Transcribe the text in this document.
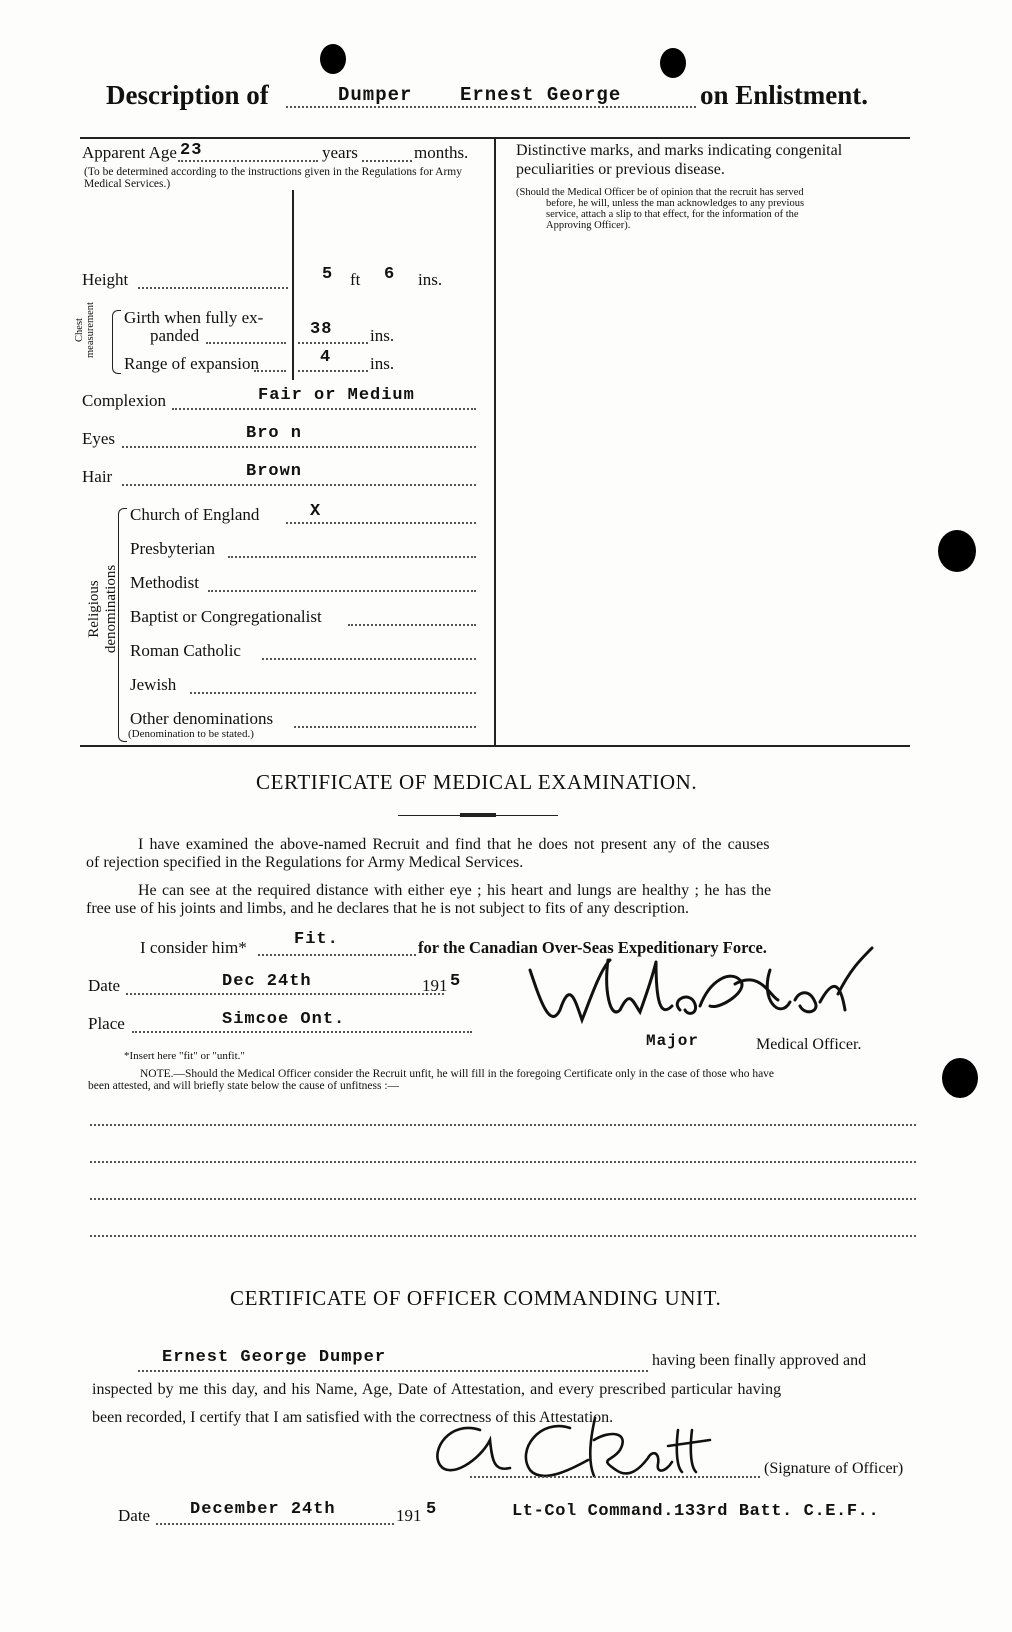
Description of	Dumper	Ernest George	on Enlistment.
Apparent Age 23	years	months.
(To be determined according to the instructions given in the Regulations for Army Medical Services.)
Height	5 ft 6 ins.
Chest measurement Girth when fully ex-
panded	38 ins.
Range of expansion	4 ins.
Complexion	Fair or Medium
Eyes	Bro n
Hair	Brown
Religious denominations
Church of England	X
Presbyterian
Methodist
Baptist or Congregationalist
Roman Catholic
Jewish
Other denominations
(Denomination to be stated.)
Distinctive marks, and marks indicating congenital
peculiarities or previous disease.
(Should the Medical Officer be of opinion that the recruit has served
before, he will, unless the man acknowledges to any previous
service, attach a slip to that effect, for the information of the
Approving Officer).
CERTIFICATE OF MEDICAL EXAMINATION.
I have examined the above-named Recruit and find that he does not present any of the causes
of rejection specified in the Regulations for Army Medical Services.
He can see at the required distance with either eye ; his heart and lungs are healthy ; he has the
free use of his joints and limbs, and he declares that he is not subject to fits of any description.
I consider him*	Fit.	for the Canadian Over-Seas Expeditionary Force.
Date	Dec 24th	191 5
Place	Simcoe Ont.
Major	Medical Officer.
*Insert here "fit" or "unfit."
NOTE.—Should the Medical Officer consider the Recruit unfit, he will fill in the foregoing Certificate only in the case of those who have
been attested, and will briefly state below the cause of unfitness :—
CERTIFICATE OF OFFICER COMMANDING UNIT.
Ernest George Dumper	having been finally approved and
inspected by me this day, and his Name, Age, Date of Attestation, and every prescribed particular having
been recorded, I certify that I am satisfied with the correctness of this Attestation.
(Signature of Officer)
Date December 24th	191 5	Lt-Col Command.133rd Batt. C.E.F..
